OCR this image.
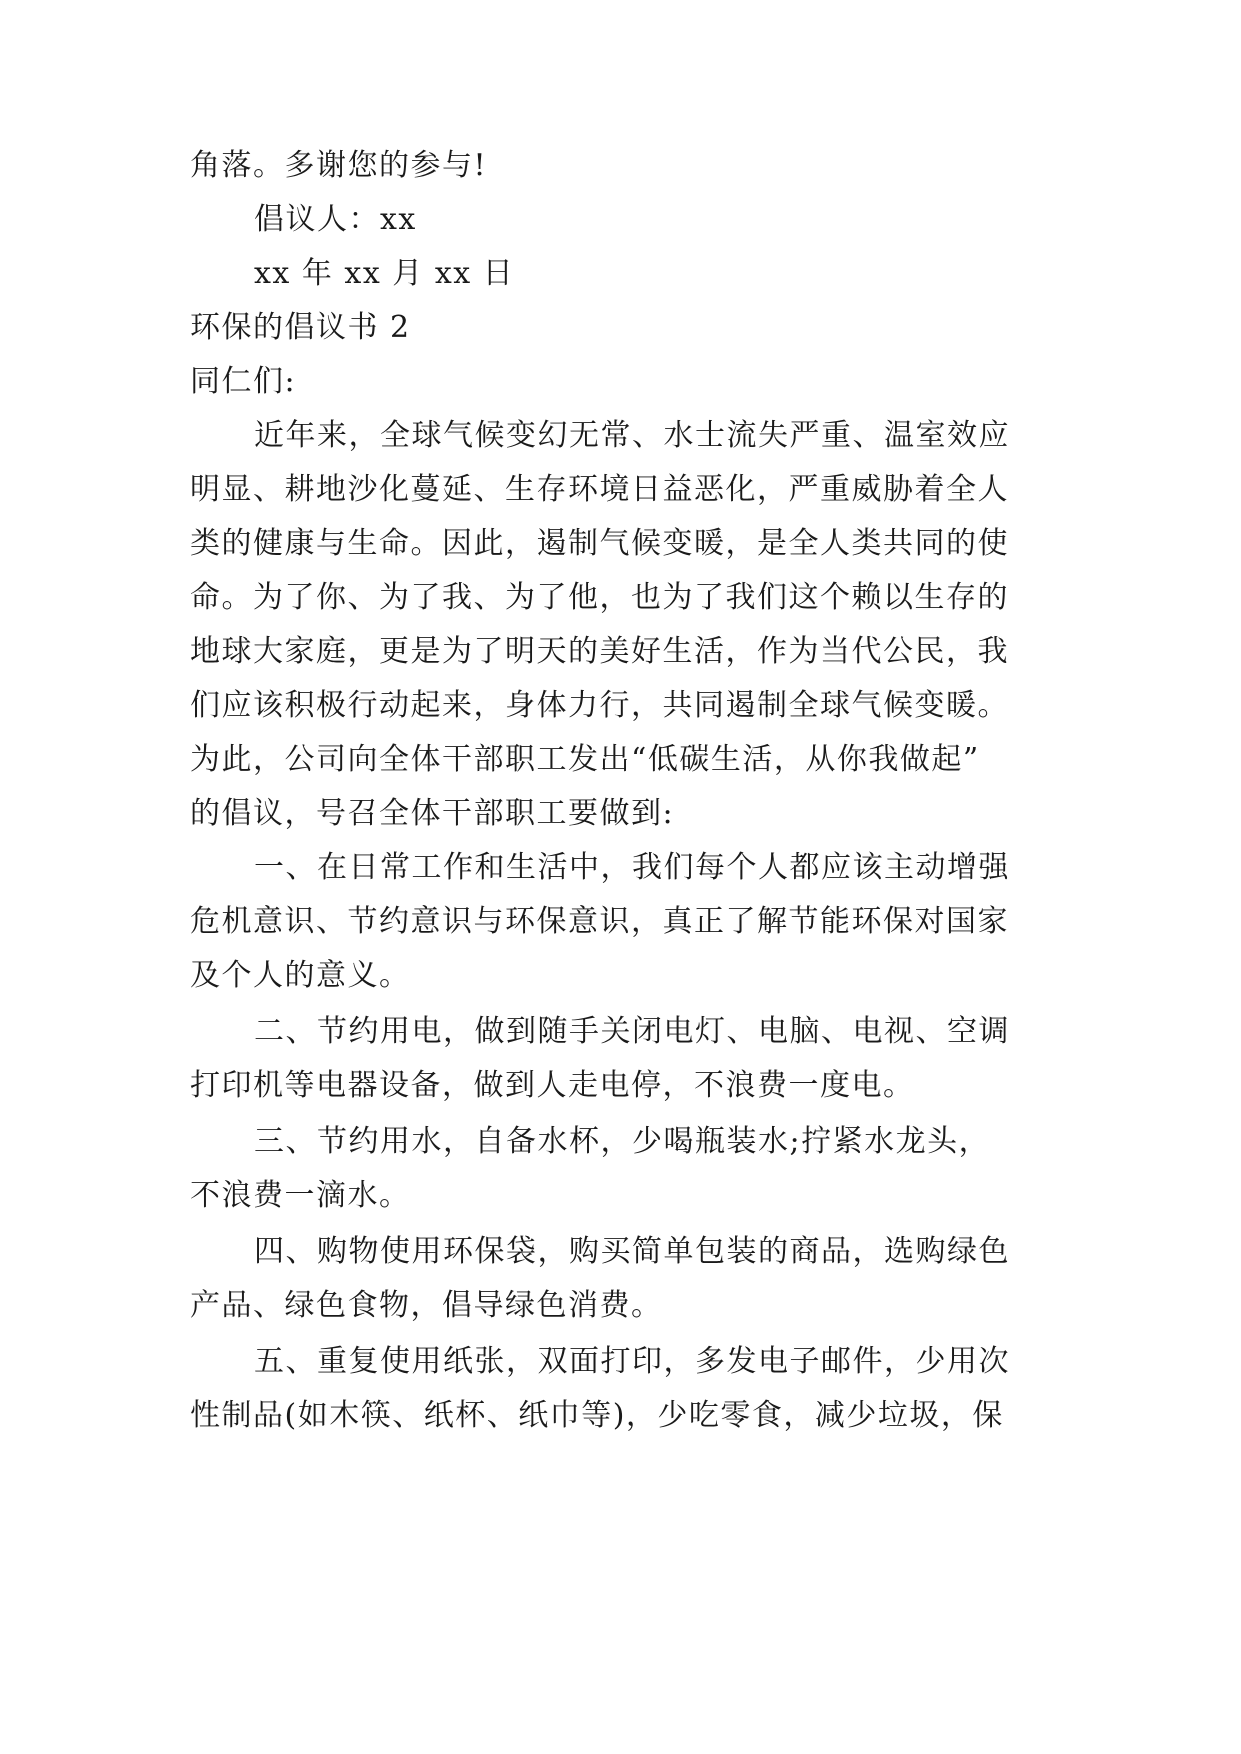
角落。多谢您的参与!
倡议人：xx
xx 年 xx 月 xx 日
环保的倡议书 2
同仁们:
近年来，全球气候变幻无常、水士流失严重、温室效应
明显、耕地沙化蔓延、生存环境日益恶化，严重威胁着全人
类的健康与生命。因此，遏制气候变暖，是全人类共同的使
命。为了你、为了我、为了他，也为了我们这个赖以生存的
地球大家庭，更是为了明天的美好生活，作为当代公民，我
们应该积极行动起来，身体力行，共同遏制全球气候变暖。
为此，公司向全体干部职工发出“低碳生活，从你我做起”
的倡议，号召全体干部职工要做到:
一、在日常工作和生活中，我们每个人都应该主动增强
危机意识、节约意识与环保意识，真正了解节能环保对国家
及个人的意义。
二、节约用电，做到随手关闭电灯、电脑、电视、空调
打印机等电器设备，做到人走电停，不浪费一度电。
三、节约用水，自备水杯，少喝瓶装水;拧紧水龙头，
不浪费一滴水。
四、购物使用环保袋，购买简单包装的商品，选购绿色
产品、绿色食物，倡导绿色消费。
五、重复使用纸张，双面打印，多发电子邮件，少用次
性制品(如木筷、纸杯、纸巾等)，少吃零食，减少垃圾，保
